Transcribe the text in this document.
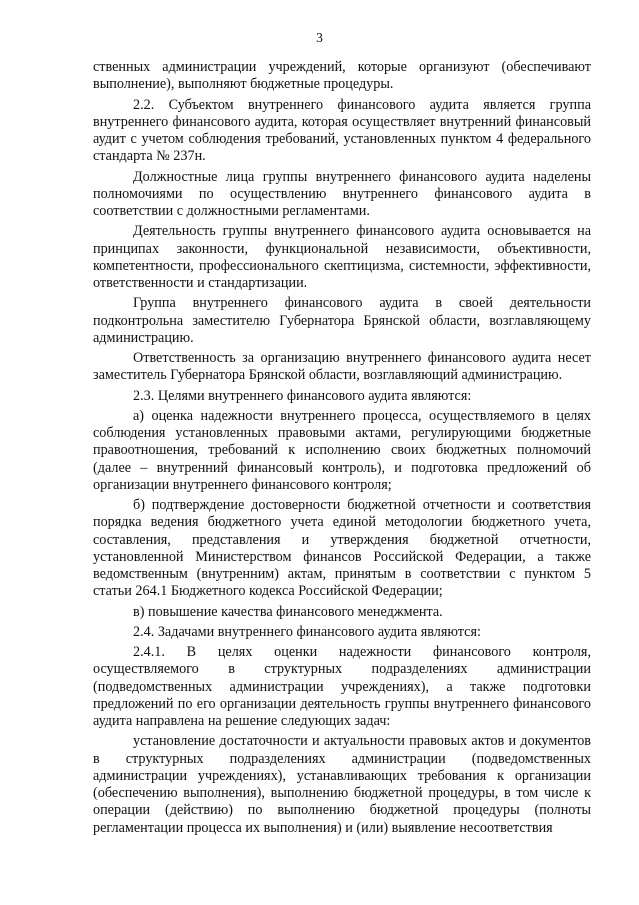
3

ственных администрации учреждений, которые организуют (обеспечивают выполнение), выполняют бюджетные процедуры.

2.2. Субъектом внутреннего финансового аудита является группа внутреннего финансового аудита, которая осуществляет внутренний финансовый аудит с учетом соблюдения требований, установленных пунктом 4 федерального стандарта № 237н.

Должностные лица группы внутреннего финансового аудита наделены полномочиями по осуществлению внутреннего финансового аудита в соответствии с должностными регламентами.

Деятельность группы внутреннего финансового аудита основывается на принципах законности, функциональной независимости, объективности, компетентности, профессионального скептицизма, системности, эффективности, ответственности и стандартизации.

Группа внутреннего финансового аудита в своей деятельности подконтрольна заместителю Губернатора Брянской области, возглавляющему администрацию.

Ответственность за организацию внутреннего финансового аудита несет заместитель Губернатора Брянской области, возглавляющий администрацию.

2.3. Целями внутреннего финансового аудита являются:

а) оценка надежности внутреннего процесса, осуществляемого в целях соблюдения установленных правовыми актами, регулирующими бюджетные правоотношения, требований к исполнению своих бюджетных полномочий (далее – внутренний финансовый контроль), и подготовка предложений об организации внутреннего финансового контроля;

б) подтверждение достоверности бюджетной отчетности и соответствия порядка ведения бюджетного учета единой методологии бюджетного учета, составления, представления и утверждения бюджетной отчетности, установленной Министерством финансов Российской Федерации, а также ведомственным (внутренним) актам, принятым в соответствии с пунктом 5 статьи 264.1 Бюджетного кодекса Российской Федерации;

в) повышение качества финансового менеджмента.

2.4. Задачами внутреннего финансового аудита являются:

2.4.1. В целях оценки надежности финансового контроля, осуществляемого в структурных подразделениях администрации (подведомственных администрации учреждениях), а также подготовки предложений по его организации деятельность группы внутреннего финансового аудита направлена на решение следующих задач:

установление достаточности и актуальности правовых актов и документов в структурных подразделениях администрации (подведомственных администрации учреждениях), устанавливающих требования к организации (обеспечению выполнения), выполнению бюджетной процедуры, в том числе к операции (действию) по выполнению бюджетной процедуры (полноты регламентации процесса их выполнения) и (или) выявление несоответствия
